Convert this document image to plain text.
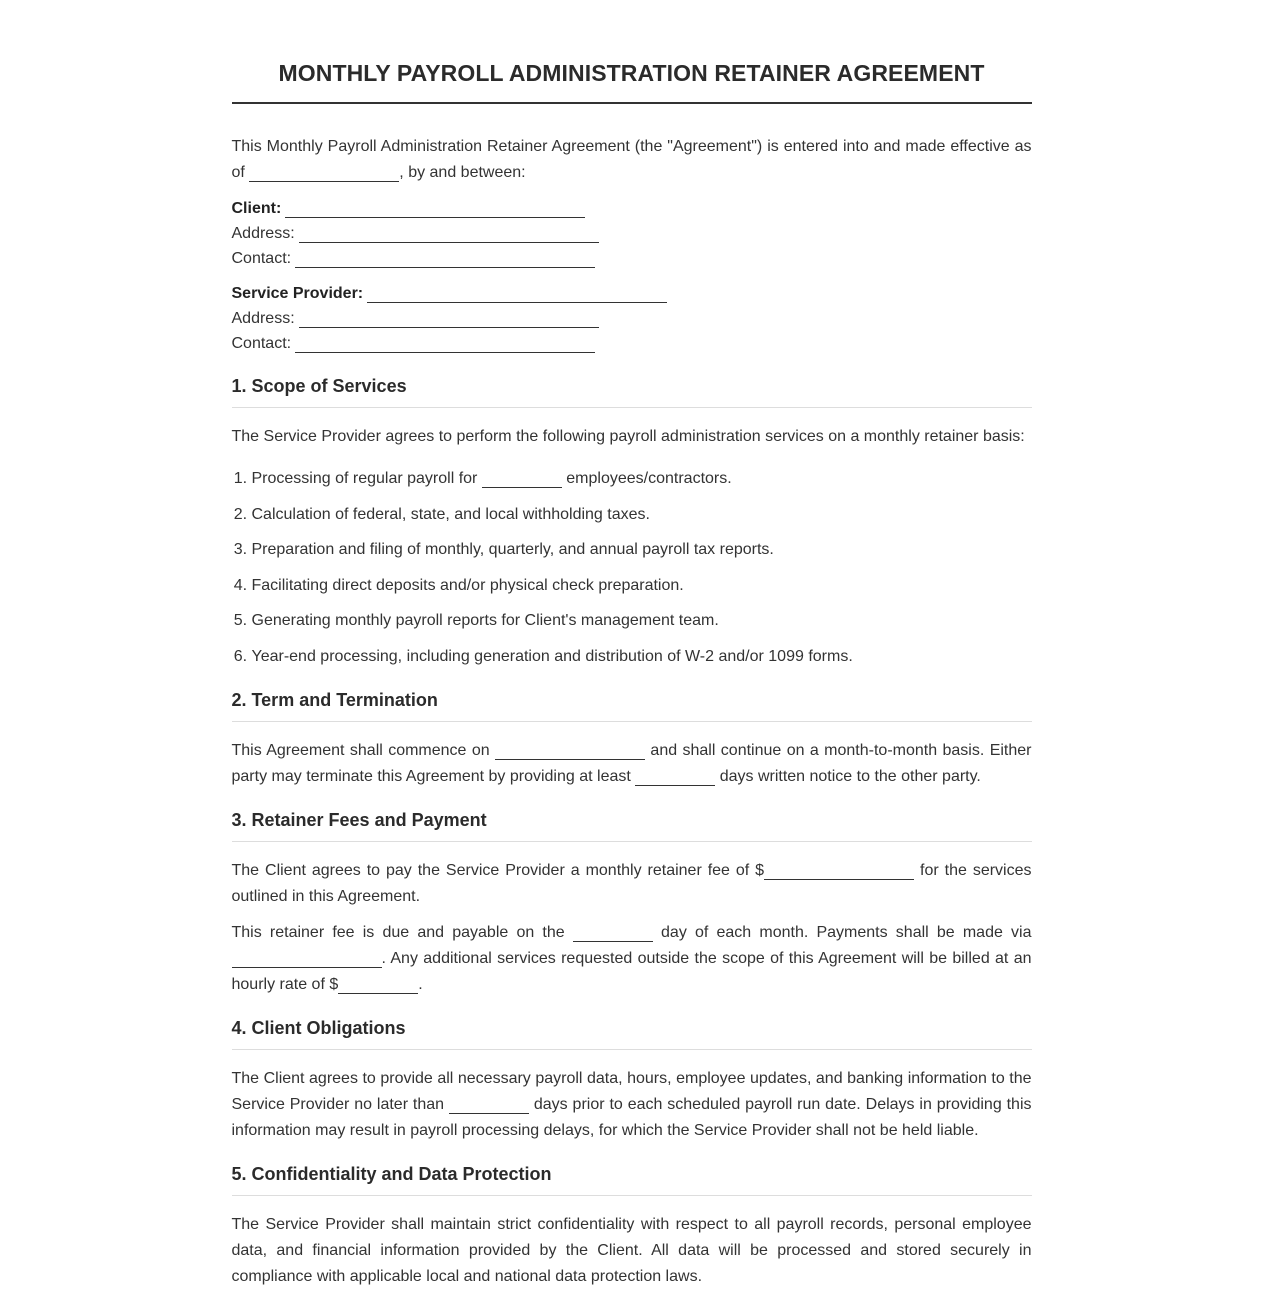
MONTHLY PAYROLL ADMINISTRATION RETAINER AGREEMENT

This Monthly Payroll Administration Retainer Agreement (the "Agreement") is entered into and made effective as of	, by and between:

Client:
Address:
Contact:
Service Provider:
Address:
Contact:
1. Scope of Services

The Service Provider agrees to perform the following payroll administration services on a monthly retainer basis:

1. Processing of regular payroll for	employees/contractors.
2. Calculation of federal, state, and local withholding taxes.
3. Preparation and filing of monthly, quarterly, and annual payroll tax reports.
4. Facilitating direct deposits and/or physical check preparation.
5. Generating monthly payroll reports for Client's management team.
6. Year-end processing, including generation and distribution of W-2 and/or 1099 forms.
2. Term and Termination

This Agreement shall commence on	and shall continue on a month-to-month basis. Either party may terminate this Agreement by providing at least	days written notice to the other party.

3. Retainer Fees and Payment

The Client agrees to pay the Service Provider a monthly retainer fee of $	for the services outlined in this Agreement.

This retainer fee is due and payable on the	day of each month. Payments shall be made via . Any additional services requested outside the scope of this Agreement will be billed at an hourly rate of $	.

4. Client Obligations

The Client agrees to provide all necessary payroll data, hours, employee updates, and banking information to the Service Provider no later than	days prior to each scheduled payroll run date. Delays in providing this information may result in payroll processing delays, for which the Service Provider shall not be held liable.

5. Confidentiality and Data Protection

The Service Provider shall maintain strict confidentiality with respect to all payroll records, personal employee data, and financial information provided by the Client. All data will be processed and stored securely in compliance with applicable local and national data protection laws.
